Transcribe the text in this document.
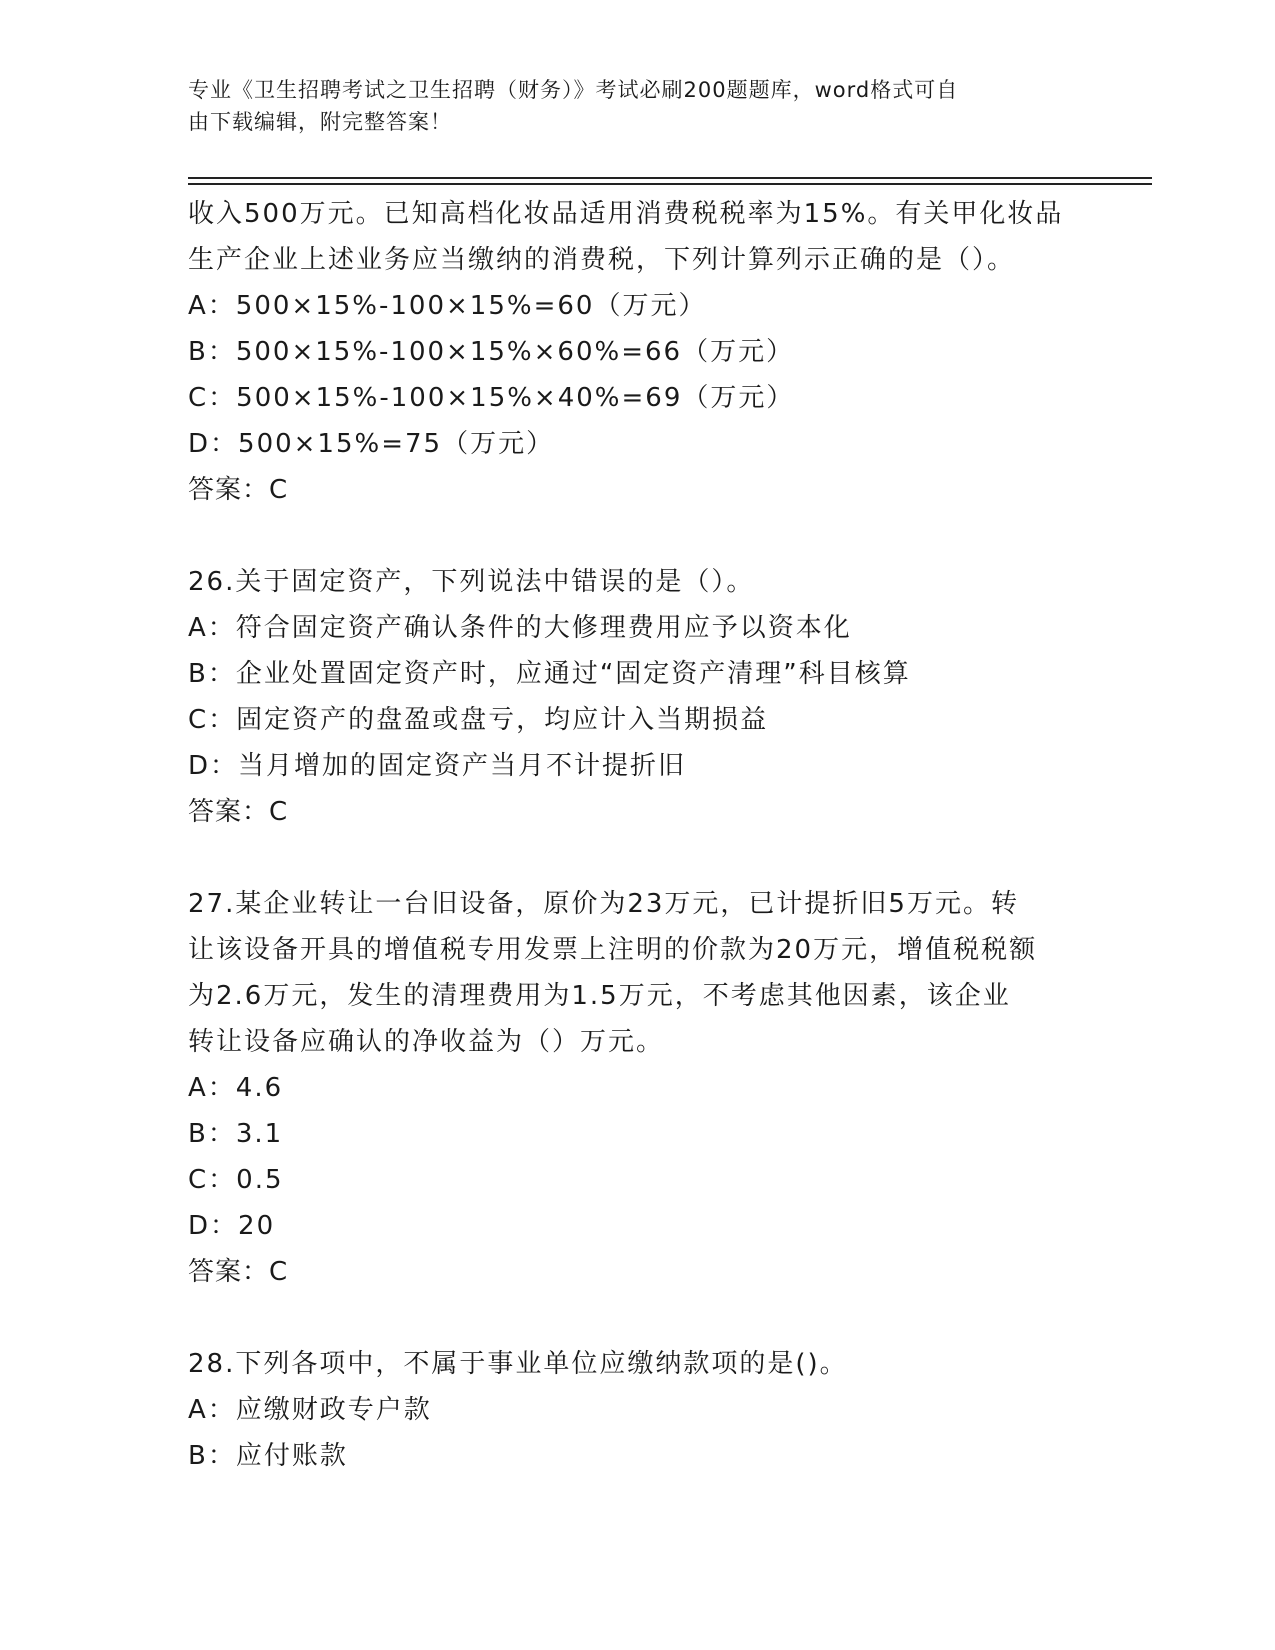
专业《卫生招聘考试之卫生招聘（财务）》考试必刷200题题库，word格式可自
由下载编辑，附完整答案！
收入500万元。已知高档化妆品适用消费税税率为15%。有关甲化妆品
生产企业上述业务应当缴纳的消费税，下列计算列示正确的是（）。
A：500×15%-100×15%=60（万元）
B：500×15%-100×15%×60%=66（万元）
C：500×15%-100×15%×40%=69（万元）
D：500×15%=75（万元）
答案：C
26.关于固定资产，下列说法中错误的是（）。
A：符合固定资产确认条件的大修理费用应予以资本化
B：企业处置固定资产时，应通过“固定资产清理”科目核算
C：固定资产的盘盈或盘亏，均应计入当期损益
D：当月增加的固定资产当月不计提折旧
答案：C
27.某企业转让一台旧设备，原价为23万元，已计提折旧5万元。转
让该设备开具的增值税专用发票上注明的价款为20万元，增值税税额
为2.6万元，发生的清理费用为1.5万元，不考虑其他因素，该企业
转让设备应确认的净收益为（）万元。
A：4.6
B：3.1
C：0.5
D：20
答案：C
28.下列各项中，不属于事业单位应缴纳款项的是()。
A：应缴财政专户款
B：应付账款
